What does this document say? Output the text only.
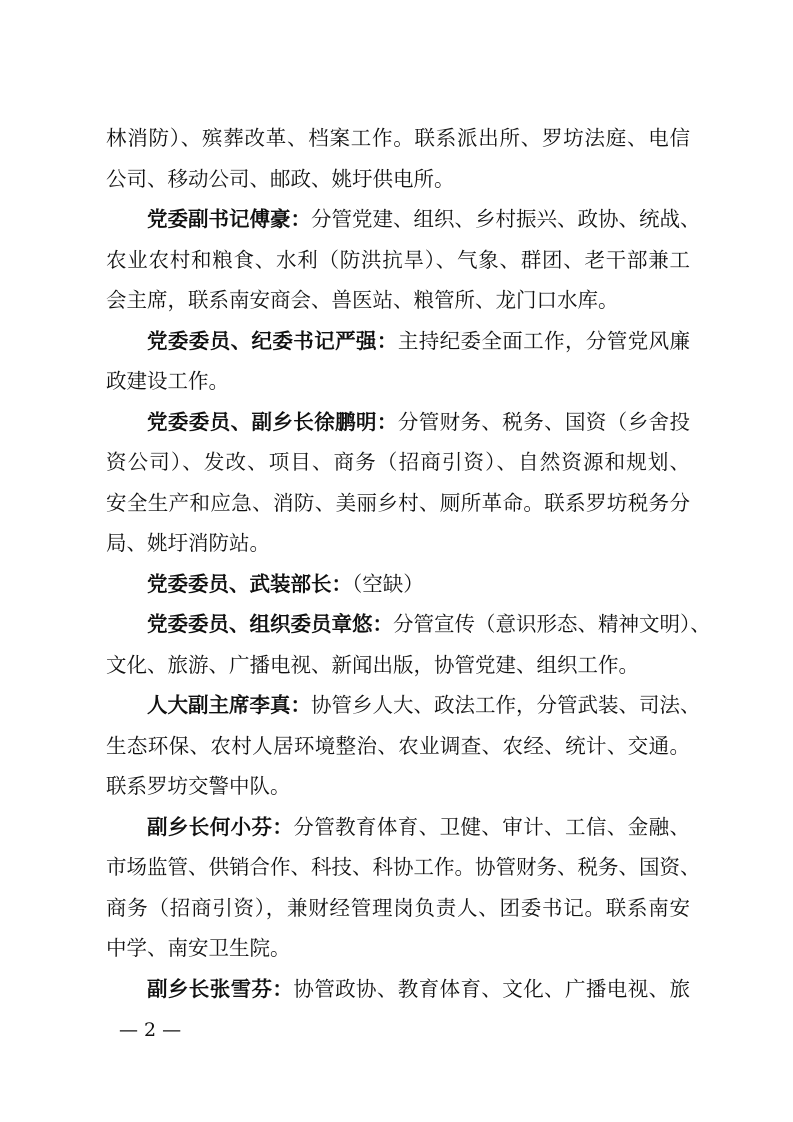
林消防）、殡葬改革、档案工作。联系派出所、罗坊法庭、电信
公司、移动公司、邮政、姚圩供电所。
党委副书记傅豪：分管党建、组织、乡村振兴、政协、统战、
农业农村和粮食、水利（防洪抗旱）、气象、群团、老干部兼工
会主席，联系南安商会、兽医站、粮管所、龙门口水库。
党委委员、纪委书记严强：主持纪委全面工作，分管党风廉
政建设工作。
党委委员、副乡长徐鹏明：分管财务、税务、国资（乡舍投
资公司）、发改、项目、商务（招商引资）、自然资源和规划、
安全生产和应急、消防、美丽乡村、厕所革命。联系罗坊税务分
局、姚圩消防站。
党委委员、武装部长：（空缺）
党委委员、组织委员章悠：分管宣传（意识形态、精神文明）、
文化、旅游、广播电视、新闻出版，协管党建、组织工作。
人大副主席李真：协管乡人大、政法工作，分管武装、司法、
生态环保、农村人居环境整治、农业调查、农经、统计、交通。
联系罗坊交警中队。
副乡长何小芬：分管教育体育、卫健、审计、工信、金融、
市场监管、供销合作、科技、科协工作。协管财务、税务、国资、
商务（招商引资），兼财经管理岗负责人、团委书记。联系南安
中学、南安卫生院。
副乡长张雪芬：协管政协、教育体育、文化、广播电视、旅
— 2 —
